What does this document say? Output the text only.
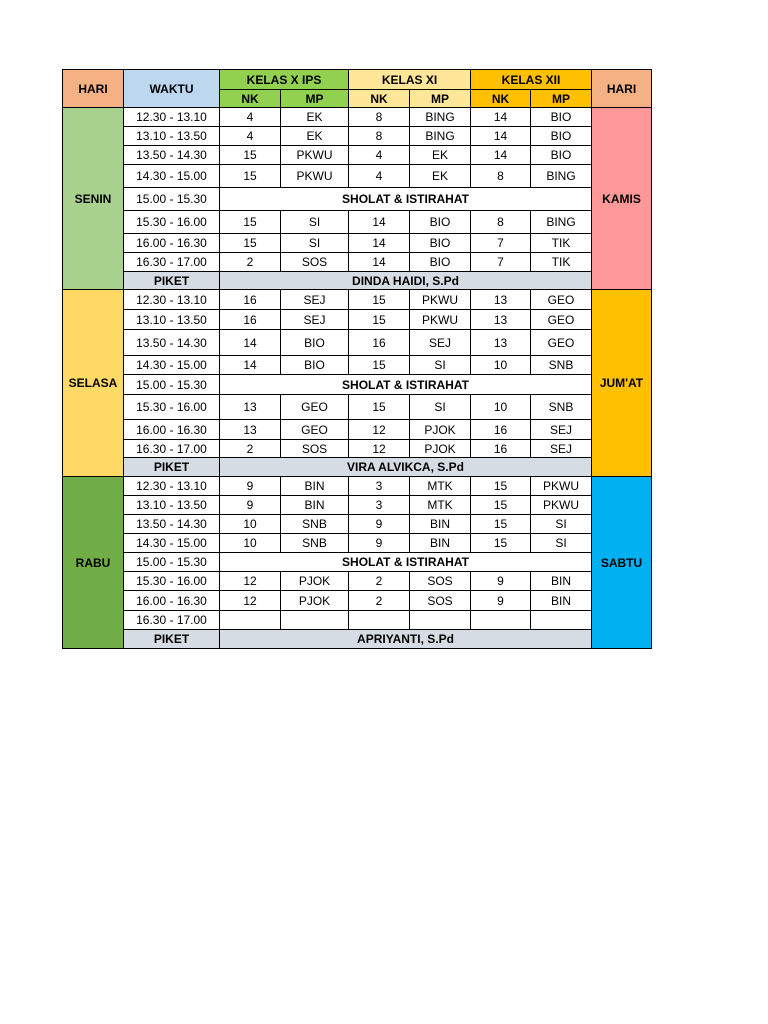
HARI	WAKTU	KELAS X IPS		KELAS XI		KELAS XII		HARI
		NK	MP	NK	MP	NK	MP	
SENIN	12.30 - 13.10	4	EK	8	BING	14	BIO	KAMIS
	13.10 - 13.50	4	EK	8	BING	14	BIO	
	13.50 - 14.30	15	PKWU	4	EK	14	BIO	
	14.30 - 15.00	15	PKWU	4	EK	8	BING	
	15.00 - 15.30	SHOLAT & ISTIRAHAT						
	15.30 - 16.00	15	SI	14	BIO	8	BING	
	16.00 - 16.30	15	SI	14	BIO	7	TIK	
	16.30 - 17.00	2	SOS	14	BIO	7	TIK	
	PIKET	DINDA HAIDI, S.Pd						
SELASA	12.30 - 13.10	16	SEJ	15	PKWU	13	GEO	JUM'AT
	13.10 - 13.50	16	SEJ	15	PKWU	13	GEO	
	13.50 - 14.30	14	BIO	16	SEJ	13	GEO	
	14.30 - 15.00	14	BIO	15	SI	10	SNB	
	15.00 - 15.30	SHOLAT & ISTIRAHAT						
	15.30 - 16.00	13	GEO	15	SI	10	SNB	
	16.00 - 16.30	13	GEO	12	PJOK	16	SEJ	
	16.30 - 17.00	2	SOS	12	PJOK	16	SEJ	
	PIKET	VIRA ALVIKCA, S.Pd						
RABU	12.30 - 13.10	9	BIN	3	MTK	15	PKWU	SABTU
	13.10 - 13.50	9	BIN	3	MTK	15	PKWU	
	13.50 - 14.30	10	SNB	9	BIN	15	SI	
	14.30 - 15.00	10	SNB	9	BIN	15	SI	
	15.00 - 15.30	SHOLAT & ISTIRAHAT						
	15.30 - 16.00	12	PJOK	2	SOS	9	BIN	
	16.00 - 16.30	12	PJOK	2	SOS	9	BIN	
	16.30 - 17.00							
	PIKET	APRIYANTI, S.Pd						
